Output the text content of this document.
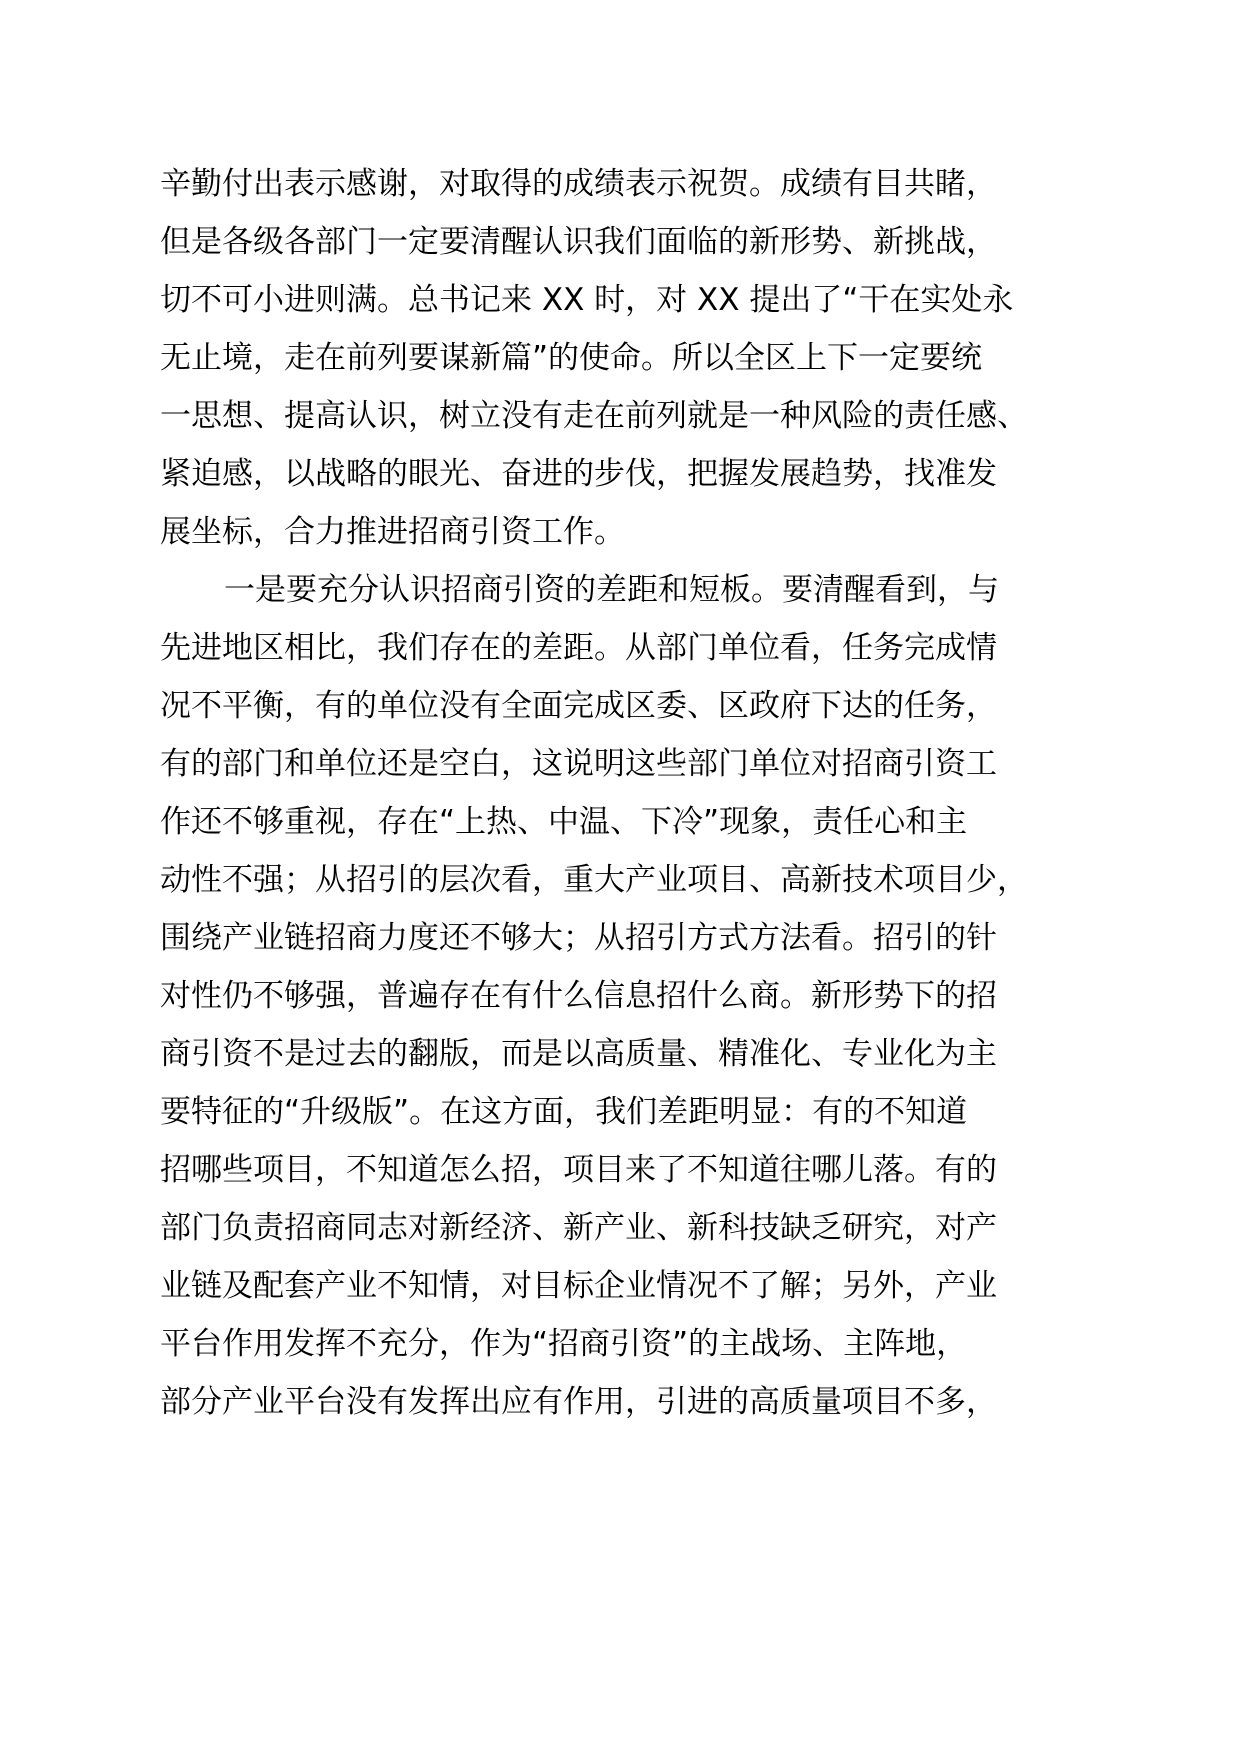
辛勤付出表示感谢，对取得的成绩表示祝贺。成绩有目共睹，
但是各级各部门一定要清醒认识我们面临的新形势、新挑战，
切不可小进则满。总书记来 XX 时，对 XX 提出了“干在实处永
无止境，走在前列要谋新篇”的使命。所以全区上下一定要统
一思想、提高认识，树立没有走在前列就是一种风险的责任感、
紧迫感，以战略的眼光、奋进的步伐，把握发展趋势，找准发
展坐标，合力推进招商引资工作。
一是要充分认识招商引资的差距和短板。要清醒看到，与
先进地区相比，我们存在的差距。从部门单位看，任务完成情
况不平衡，有的单位没有全面完成区委、区政府下达的任务，
有的部门和单位还是空白，这说明这些部门单位对招商引资工
作还不够重视，存在“上热、中温、下冷”现象，责任心和主
动性不强；从招引的层次看，重大产业项目、高新技术项目少，
围绕产业链招商力度还不够大；从招引方式方法看。招引的针
对性仍不够强，普遍存在有什么信息招什么商。新形势下的招
商引资不是过去的翻版，而是以高质量、精准化、专业化为主
要特征的“升级版”。在这方面，我们差距明显：有的不知道
招哪些项目，不知道怎么招，项目来了不知道往哪儿落。有的
部门负责招商同志对新经济、新产业、新科技缺乏研究，对产
业链及配套产业不知情，对目标企业情况不了解；另外，产业
平台作用发挥不充分，作为“招商引资”的主战场、主阵地，
部分产业平台没有发挥出应有作用，引进的高质量项目不多，
